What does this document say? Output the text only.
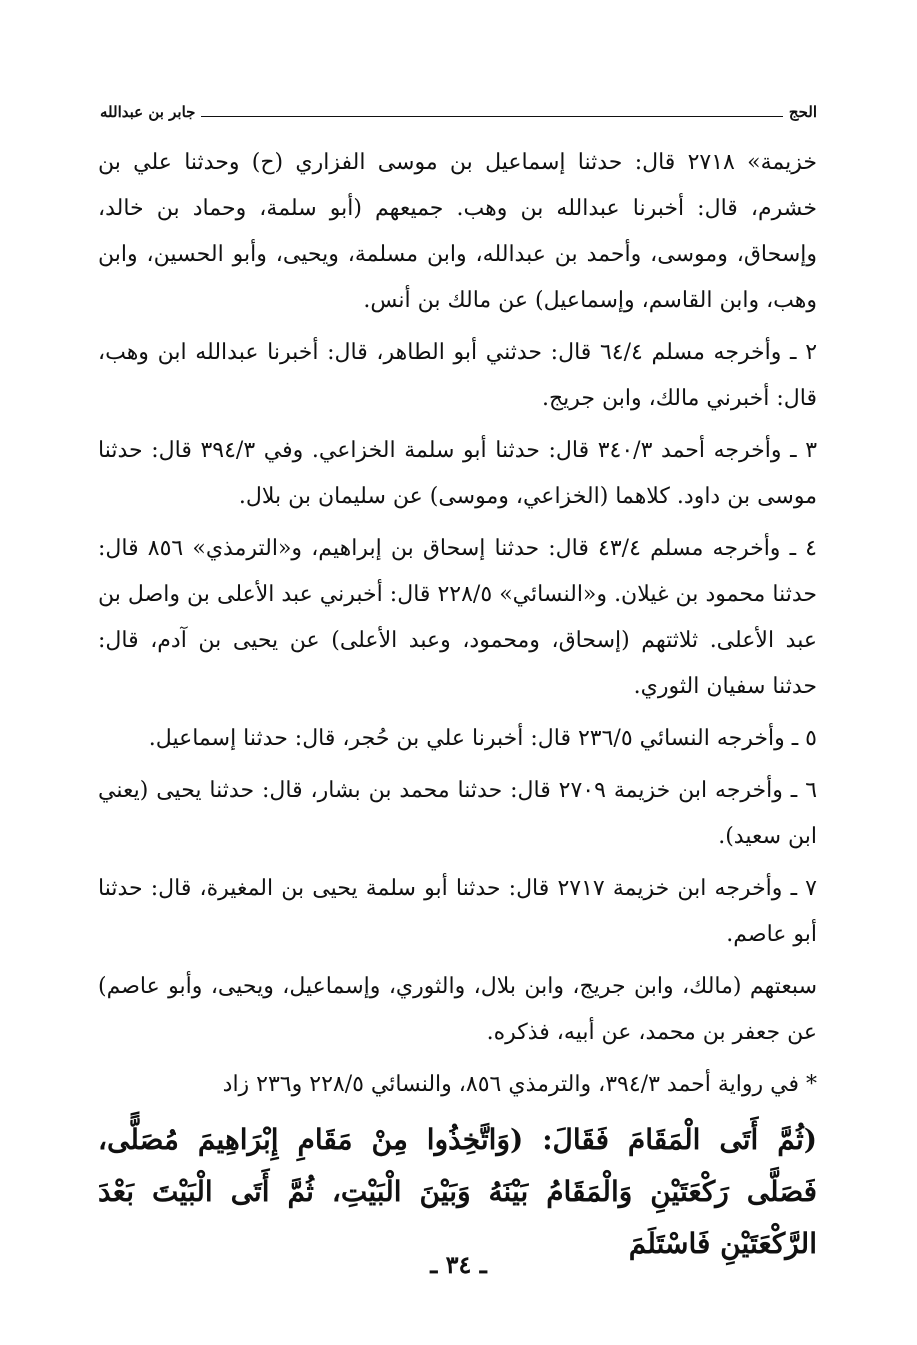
الحج
جابر بن عبدالله

خزيمة» ٢٧١٨ قال: حدثنا إسماعيل بن موسى الفزاري (ح) وحدثنا علي بن خشرم، قال: أخبرنا عبدالله بن وهب. جميعهم (أبو سلمة، وحماد بن خالد، وإسحاق، وموسى، وأحمد بن عبدالله، وابن مسلمة، ويحيى، وأبو الحسين، وابن وهب، وابن القاسم، وإسماعيل) عن مالك بن أنس.

٢ ـ وأخرجه مسلم ٦٤/٤ قال: حدثني أبو الطاهر، قال: أخبرنا عبدالله ابن وهب، قال: أخبرني مالك، وابن جريج.

٣ ـ وأخرجه أحمد ٣٤٠/٣ قال: حدثنا أبو سلمة الخزاعي. وفي ٣٩٤/٣ قال: حدثنا موسى بن داود. كلاهما (الخزاعي، وموسى) عن سليمان بن بلال.

٤ ـ وأخرجه مسلم ٤٣/٤ قال: حدثنا إسحاق بن إبراهيم، و«الترمذي» ٨٥٦ قال: حدثنا محمود بن غيلان. و«النسائي» ٢٢٨/٥ قال: أخبرني عبد الأعلى بن واصل بن عبد الأعلى. ثلاثتهم (إسحاق، ومحمود، وعبد الأعلى) عن يحيى بن آدم، قال: حدثنا سفيان الثوري.

٥ ـ وأخرجه النسائي ٢٣٦/٥ قال: أخبرنا علي بن حُجر، قال: حدثنا إسماعيل.

٦ ـ وأخرجه ابن خزيمة ٢٧٠٩ قال: حدثنا محمد بن بشار، قال: حدثنا يحيى (يعني ابن سعيد).

٧ ـ وأخرجه ابن خزيمة ٢٧١٧ قال: حدثنا أبو سلمة يحيى بن المغيرة، قال: حدثنا أبو عاصم.

سبعتهم (مالك، وابن جريج، وابن بلال، والثوري، وإسماعيل، ويحيى، وأبو عاصم) عن جعفر بن محمد، عن أبيه، فذكره.

* في رواية أحمد ٣٩٤/٣، والترمذي ٨٥٦، والنسائي ٢٢٨/٥ و٢٣٦ زاد

(ثُمَّ أَتَى الْمَقَامَ فَقَالَ: (وَاتَّخِذُوا مِنْ مَقَامِ إِبْرَاهِيمَ مُصَلًّى، فَصَلَّى رَكْعَتَيْنِ وَالْمَقَامُ بَيْنَهُ وَبَيْنَ الْبَيْتِ، ثُمَّ أَتَى الْبَيْتَ بَعْدَ الرَّكْعَتَيْنِ فَاسْتَلَمَ

ـ ٣٤ ـ
